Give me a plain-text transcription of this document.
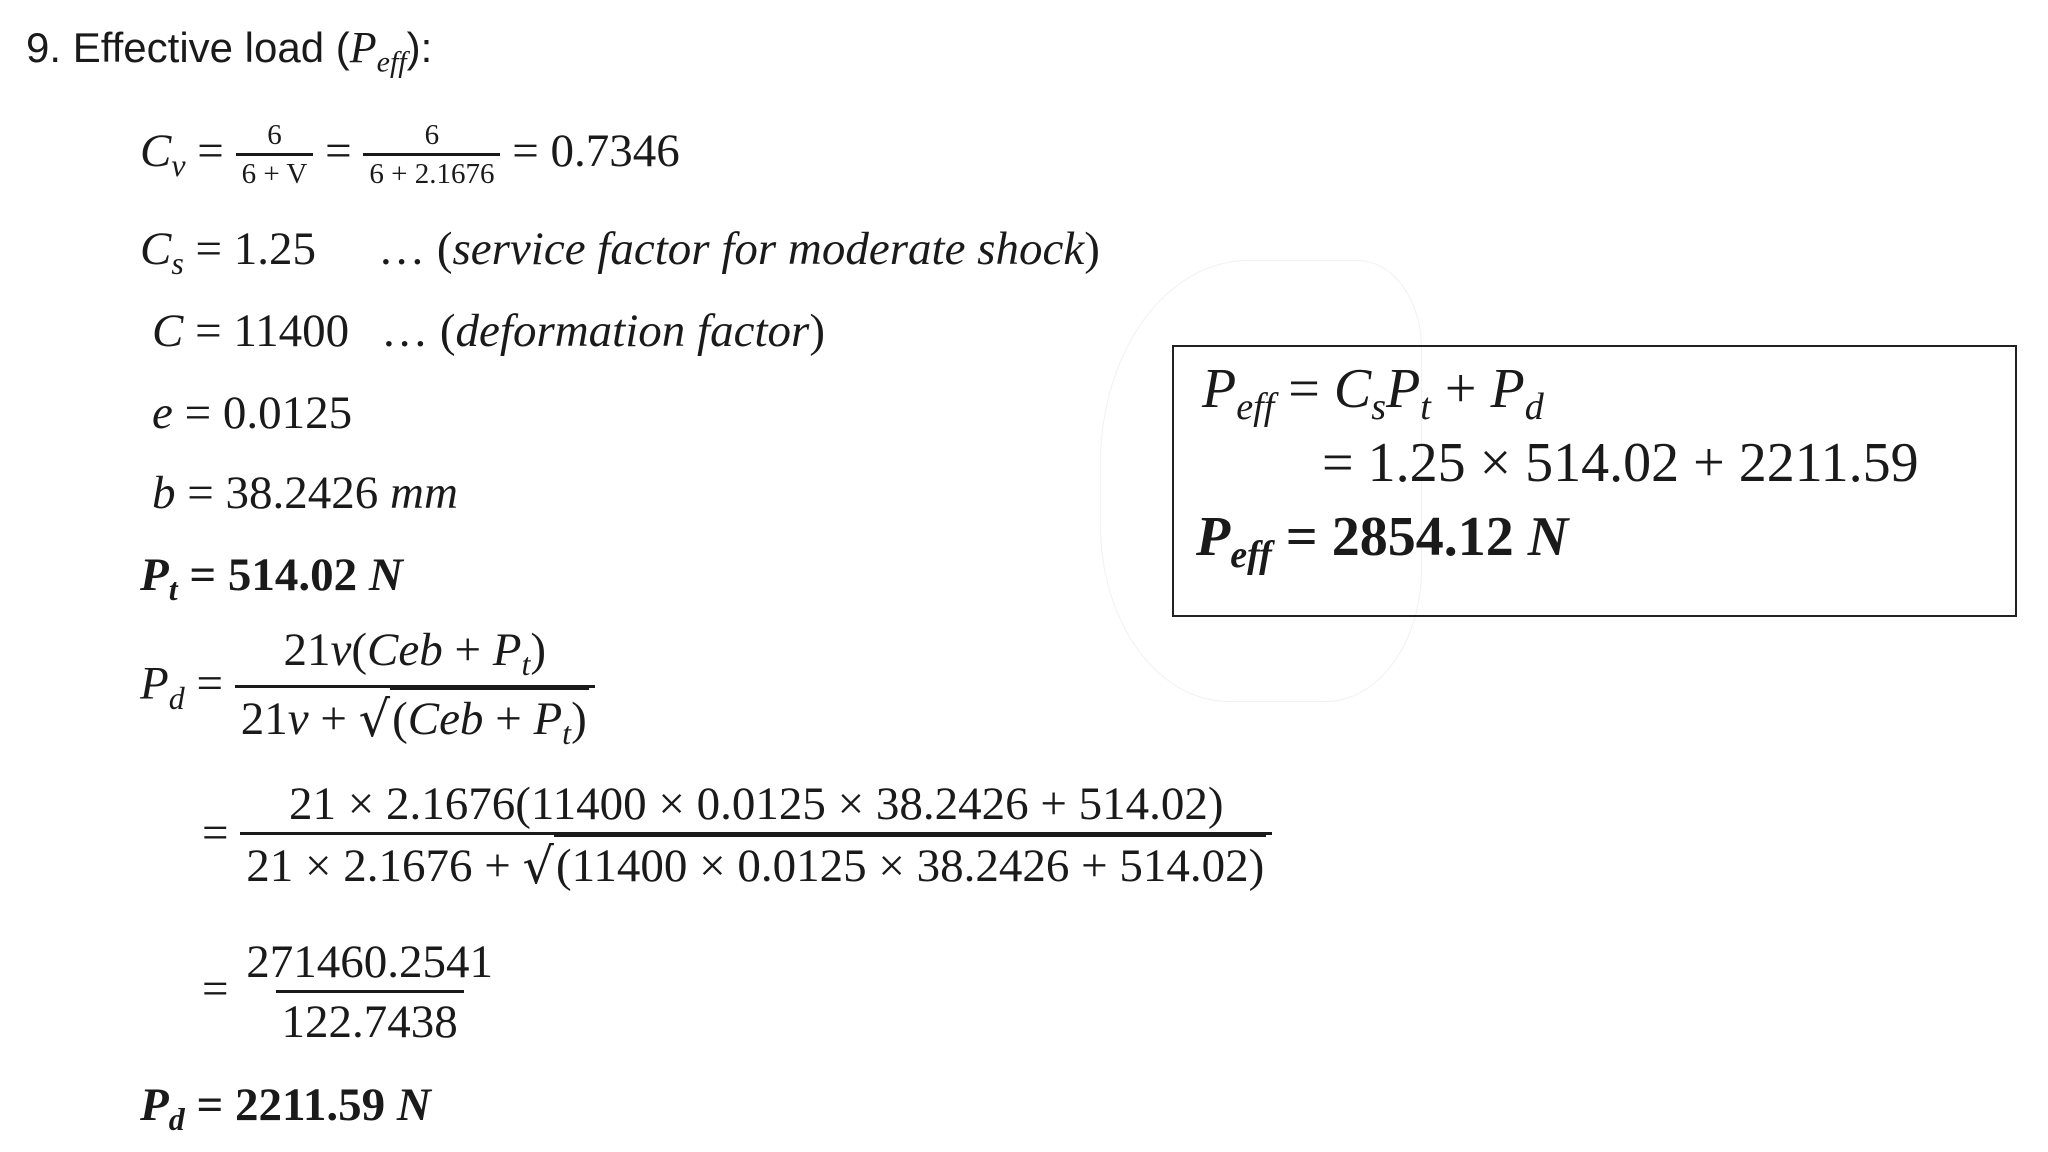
9. Effective load $(P_{eff})$:
$C_v = \frac{6}{6 + V} = \frac{6}{6 + 2.1676} = 0.7346$
$C_s = 1.25$ … (service factor for moderate shock)
C = 11400 … (deformation factor)
e = 0.0125
b = 38.2426 mm
$P_t = 514.02$ N
$P_d = \frac{21v(Ceb + P_t)}{21v + √(Ceb + P_t)}$
= $\frac{21 \times 2.1676(11400 \times 0.0125 \times 38.2426 + 514.02)}{21 \times 2.1676 + √(11400 \times 0.0125 \times 38.2426 + 514.02)}$
= $\frac{271460.2541}{122.7438}$
$P_d = 2211.59$ N
$P_{eff} = C_sP_t + P_d$
= 1.25 × 514.02 + 2211.59
$P_{eff} = 2854.12$ N
